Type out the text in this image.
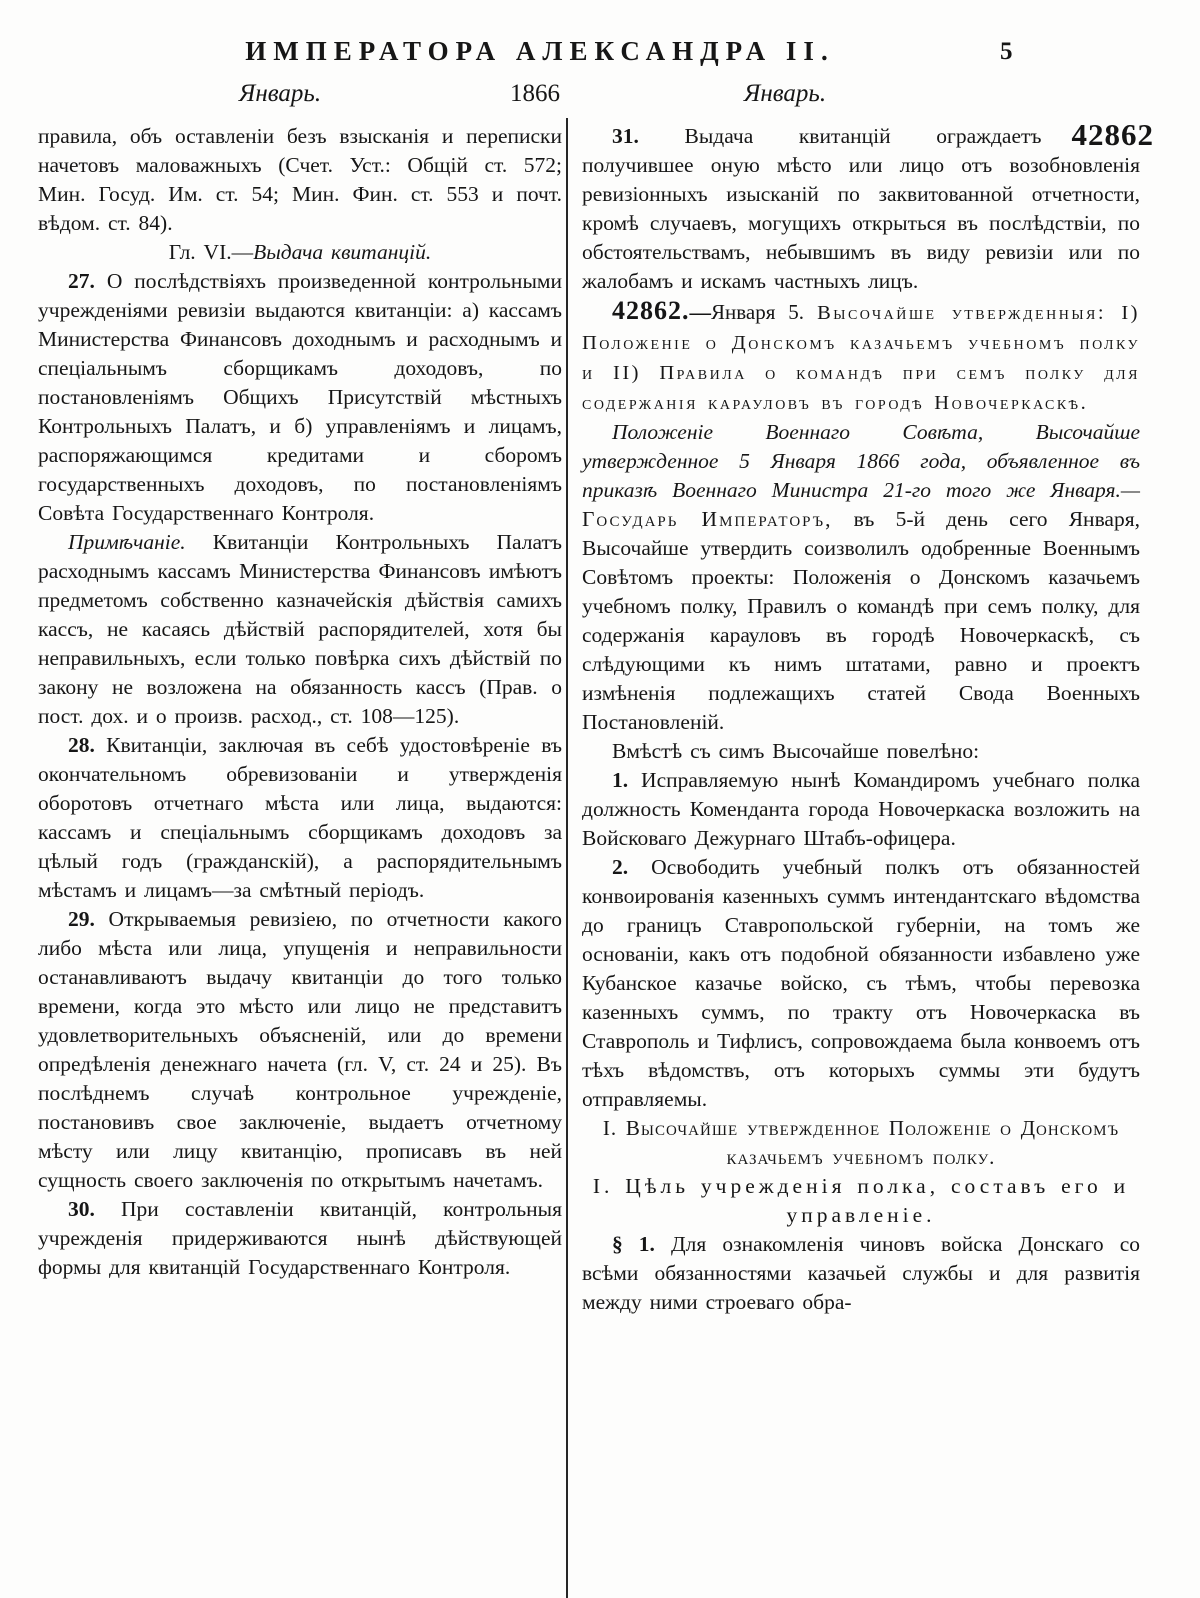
ИМПЕРАТОРА АЛЕКСАНДРА II.	5
Январь.	1866	Январь.

правила, объ оставленіи безъ взысканія и переписки начетовъ маловажныхъ (Счет. Уст.: Общій ст. 572; Мин. Госуд. Им. ст. 54; Мин. Фин. ст. 553 и почт. вѣдом. ст. 84).

Гл. VI.—Выдача квитанцій.

27. О послѣдствіяхъ произведенной контрольными учрежденіями ревизіи выдаются квитанціи: а) кассамъ Министерства Финансовъ доходнымъ и расходнымъ и спеціальнымъ сборщикамъ доходовъ, по постановленіямъ Общихъ Присутствій мѣстныхъ Контрольныхъ Палатъ, и б) управленіямъ и лицамъ, распоряжающимся кредитами и сборомъ государственныхъ доходовъ, по постановленіямъ Совѣта Государственнаго Контроля.

Примѣчаніе. Квитанціи Контрольныхъ Палатъ расходнымъ кассамъ Министерства Финансовъ имѣютъ предметомъ собственно казначейскія дѣйствія самихъ кассъ, не касаясь дѣйствій распорядителей, хотя бы неправильныхъ, если только повѣрка сихъ дѣйствій по закону не возложена на обязанность кассъ (Прав. о пост. дох. и о произв. расход., ст. 108—125).

28. Квитанціи, заключая въ себѣ удостовѣреніе въ окончательномъ обревизованіи и утвержденія оборотовъ отчетнаго мѣста или лица, выдаются: кассамъ и спеціальнымъ сборщикамъ доходовъ за цѣлый годъ (гражданскій), а распорядительнымъ мѣстамъ и лицамъ—за смѣтный періодъ.

29. Открываемыя ревизіею, по отчетности какого либо мѣста или лица, упущенія и неправильности останавливаютъ выдачу квитанціи до того только времени, когда это мѣсто или лицо не представитъ удовлетворительныхъ объясненій, или до времени опредѣленія денежнаго начета (гл. V, ст. 24 и 25). Въ послѣднемъ случаѣ контрольное учрежденіе, постановивъ свое заключеніе, выдаетъ отчетному мѣсту или лицу квитанцію, прописавъ въ ней сущность своего заключенія по открытымъ начетамъ.

30. При составленіи квитанцій, контрольныя учрежденія придерживаются нынѣ дѣйствующей формы для квитанцій Государственнаго Контроля.

42862
31. Выдача квитанцій ограждаетъ получившее оную мѣсто или лицо отъ возобновленія ревизіонныхъ изысканій по заквитованной отчетности, кромѣ случаевъ, могущихъ открыться въ послѣдствіи, по обстоятельствамъ, небывшимъ въ виду ревизіи или по жалобамъ и искамъ частныхъ лицъ.

42862.—Января 5. Высочайше утвержденныя: I) Положеніе о Донскомъ казачьемъ учебномъ полку и II) Правила о командѣ при семъ полку для содержанія карауловъ въ городѣ Новочеркаскѣ.

Положеніе Военнаго Совѣта, Высочайше утвержденное 5 Января 1866 года, объявленное въ приказѣ Военнаго Министра 21-го того же Января.—Государь Императоръ, въ 5-й день сего Января, Высочайше утвердить соизволилъ одобренные Военнымъ Совѣтомъ проекты: Положенія о Донскомъ казачьемъ учебномъ полку, Правилъ о командѣ при семъ полку, для содержанія карауловъ въ городѣ Новочеркаскѣ, съ слѣдующими къ нимъ штатами, равно и проектъ измѣненія подлежащихъ статей Свода Военныхъ Постановленій.

Вмѣстѣ съ симъ Высочайше повелѣно:

1. Исправляемую нынѣ Командиромъ учебнаго полка должность Коменданта города Новочеркаска возложить на Войсковаго Дежурнаго Штабъ-офицера.

2. Освободить учебный полкъ отъ обязанностей конвоированія казенныхъ суммъ интендантскаго вѣдомства до границъ Ставропольской губерніи, на томъ же основаніи, какъ отъ подобной обязанности избавлено уже Кубанское казачье войско, съ тѣмъ, чтобы перевозка казенныхъ суммъ, по тракту отъ Новочеркаска въ Ставрополь и Тифлисъ, сопровождаема была конвоемъ отъ тѣхъ вѣдомствъ, отъ которыхъ суммы эти будутъ отправляемы.

I. Высочайше утвержденное Положеніе о Донскомъ казачьемъ учебномъ полку.

I. Цѣль учрежденія полка, составъ его и управленіе.

§ 1. Для ознакомленія чиновъ войска Донскаго со всѣми обязанностями казачьей службы и для развитія между ними строеваго обра-
